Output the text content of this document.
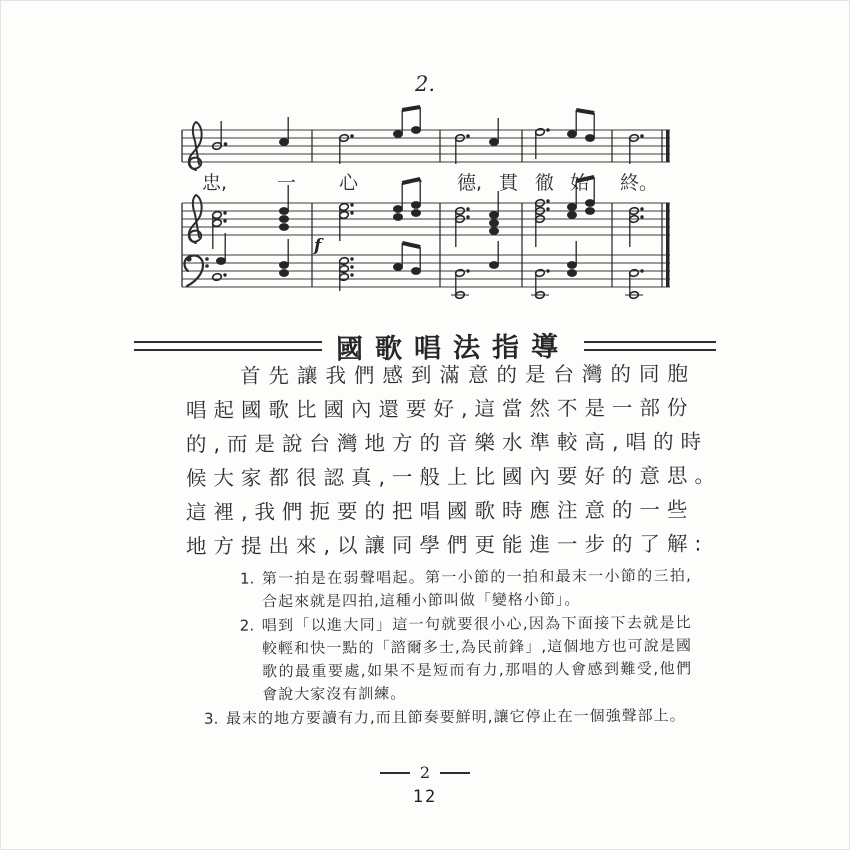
2.
f
忠,	一 心 一 德, 貫 徹 始 終。
國歌唱法指導
首先讓我們感到滿意的是台灣的同胞
唱起國歌比國內還要好,這當然不是一部份
的,而是說台灣地方的音樂水準較高,唱的時
候大家都很認真,一般上比國內要好的意思。
這裡,我們扼要的把唱國歌時應注意的一些
地方提出來,以讓同學們更能進一步的了解:
1. 第一拍是在弱聲唱起。第一小節的一拍和最末一小節的三拍,合起來就是四拍,這種小節叫做「變格小節」。
2. 唱到「以進大同」這一句就要很小心,因為下面接下去就是比較輕和快一點的「諮爾多士,為民前鋒」,這個地方也可說是國歌的最重要處,如果不是短而有力,那唱的人會感到難受,他們會說大家沒有訓練。
3. 最末的地方要讀有力,而且節奏要鮮明,讓它停止在一個強聲部上。
2
12
